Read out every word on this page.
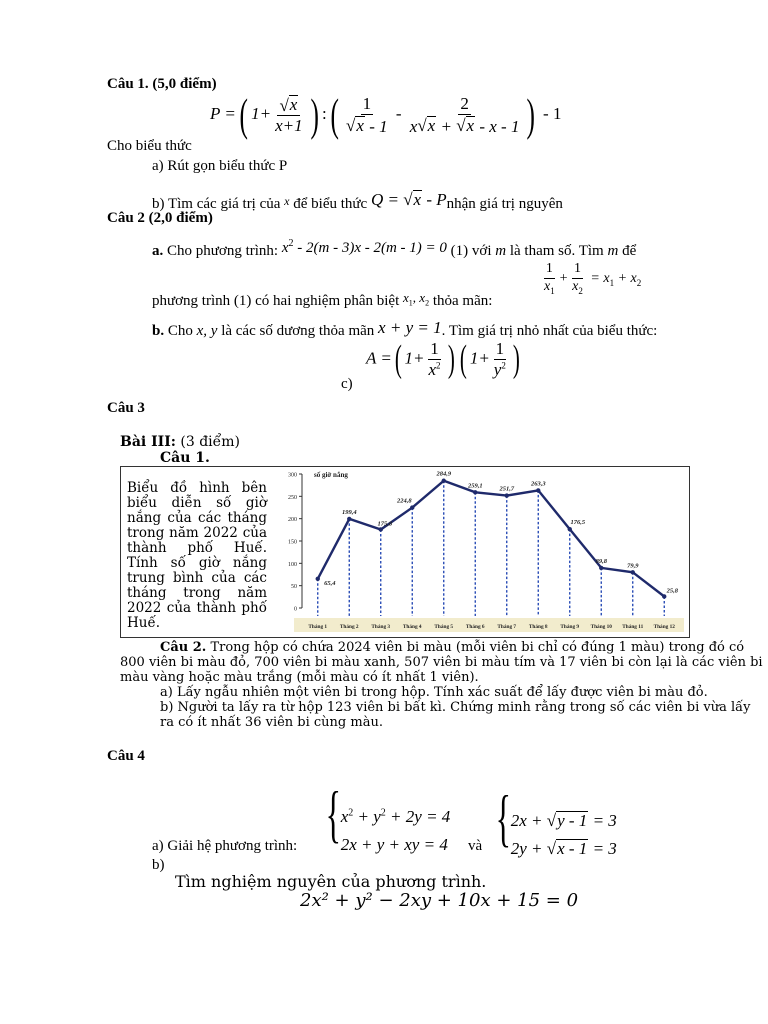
Câu 1. (5,0 điểm)
P =( $1+ \frac{√ x}{x+1}$ ) :( $\frac{1}{√ x - 1} - \frac{2}{x √ x + √ x - x - 1}$ ) - 1
Cho biểu thức
a) Rút gọn biểu thức P
b) Tìm các giá trị của $^x$ để biểu thức Q = √ x - Pnhận giá trị nguyên
Câu 2 (2,0 điểm)
a. Cho phương trình: $x^2 - 2(m - 3)x - 2(m - 1) = 0$ (1) với m là tham số. Tìm m để
$\frac{1}{x_1} + \frac{1}{x_2} = x_1 + x_2$
phương trình (1) có hai nghiệm phân biệt $x_1$, $x_2$ thỏa mãn:
b. Cho x, y là các số dương thỏa mãn x + y = 1. Tìm giá trị nhỏ nhất của biểu thức:
A =( $1+ \frac{1}{x^2}$ ) ( $1+ \frac{1}{y^2}$ )
c)
Câu 3
Bài III: (3 điểm)
Câu 1.
Biểu đồ hình bên biểu diễn số giờ nắng của các tháng trong năm 2022 của thành phố Huế. Tính số giờ nắng trung bình của các tháng trong năm 2022 của thành phố Huế.
0
50
100
150
200
250
300 số giờ nắng
65,4
199,4
175,8
224,8
284,9
259,1	251,7
263,3
176,5
89,8
79,9
25,8
Tháng 1 Tháng 2 Tháng 3 Tháng 4 Tháng 5 Tháng 6 Tháng 7 Tháng 8 Tháng 9 Tháng 10 Tháng 11 Tháng 12
Câu 2. Trong hộp có chứa 2024 viên bi màu (mỗi viên bi chỉ có đúng 1 màu) trong đó có
800 viên bi màu đỏ, 700 viên bi màu xanh, 507 viên bi màu tím và 17 viên bi còn lại là các viên bi
màu vàng hoặc màu trắng (mỗi màu có ít nhất 1 viên).
a) Lấy ngẫu nhiên một viên bi trong hộp. Tính xác suất để lấy được viên bi màu đỏ.
b) Người ta lấy ra từ hộp 123 viên bi bất kì. Chứng minh rằng trong số các viên bi vừa lấy
ra có ít nhất 36 viên bi cùng màu.
Câu 4
{ $x^2 + y^2 + 2y = 4$
2x + y + xy = 4 { 2x + √ y - 1 = 3
2y + √ x - 1 = 3
a) Giải hệ phương trình:	và
b)
Tìm nghiệm nguyên của phương trình.
2x² + y² − 2xy + 10x + 15 = 0
